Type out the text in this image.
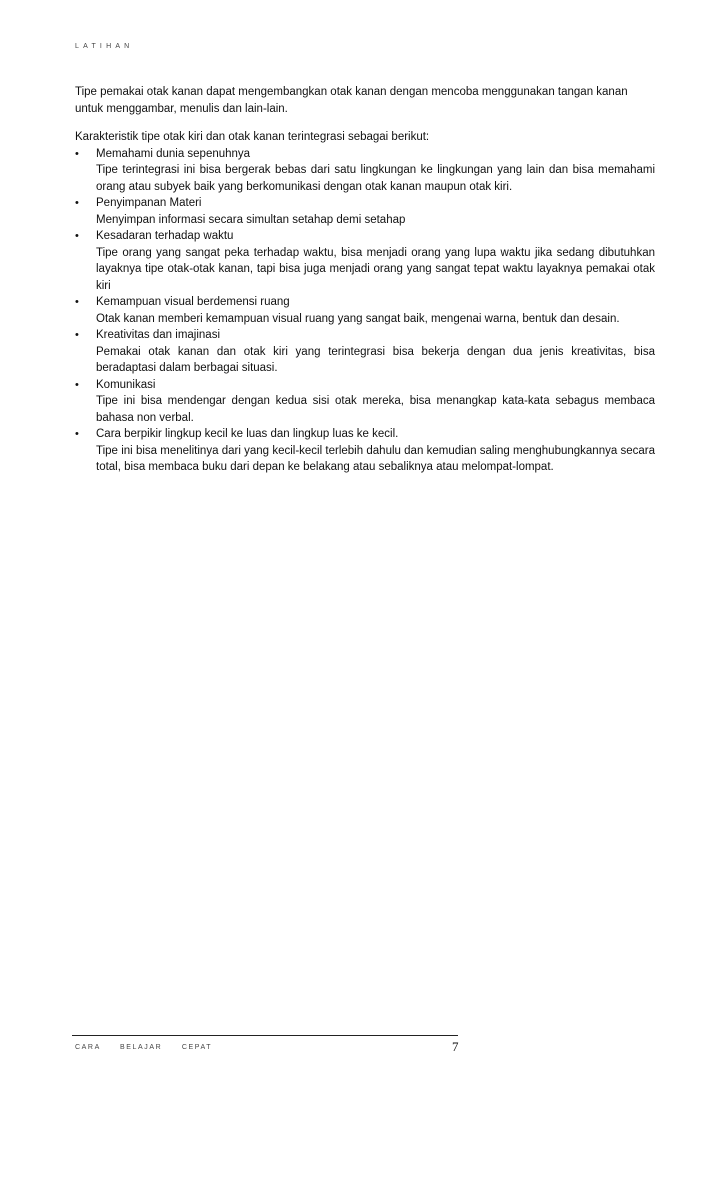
LATIHAN

Tipe pemakai otak kanan dapat mengembangkan otak kanan dengan mencoba menggunakan tangan kanan untuk menggambar, menulis dan lain-lain.

Karakteristik tipe otak kiri dan otak kanan terintegrasi sebagai berikut:

• Memahami dunia sepenuhnya
Tipe terintegrasi ini bisa bergerak bebas dari satu lingkungan ke lingkungan yang lain dan bisa memahami orang atau subyek baik yang berkomunikasi dengan otak kanan maupun otak kiri.
• Penyimpanan Materi
Menyimpan informasi secara simultan setahap demi setahap
• Kesadaran terhadap waktu
Tipe orang yang sangat peka terhadap waktu, bisa menjadi orang yang lupa waktu jika sedang dibutuhkan layaknya tipe otak-otak kanan, tapi bisa juga menjadi orang yang sangat tepat waktu layaknya pemakai otak kiri
• Kemampuan visual berdemensi ruang
Otak kanan memberi kemampuan visual ruang yang sangat baik, mengenai warna, bentuk dan desain.
• Kreativitas dan imajinasi
Pemakai otak kanan dan otak kiri yang terintegrasi bisa bekerja dengan dua jenis kreativitas, bisa beradaptasi dalam berbagai situasi.
• Komunikasi
Tipe ini bisa mendengar dengan kedua sisi otak mereka, bisa menangkap kata-kata sebagus membaca bahasa non verbal.
• Cara berpikir lingkup kecil ke luas dan lingkup luas ke kecil.
Tipe ini bisa menelitinya dari yang kecil-kecil terlebih dahulu dan kemudian saling menghubungkannya secara total, bisa membaca buku dari depan ke belakang atau sebaliknya atau melompat-lompat.
CARA BELAJAR CEPAT	7
